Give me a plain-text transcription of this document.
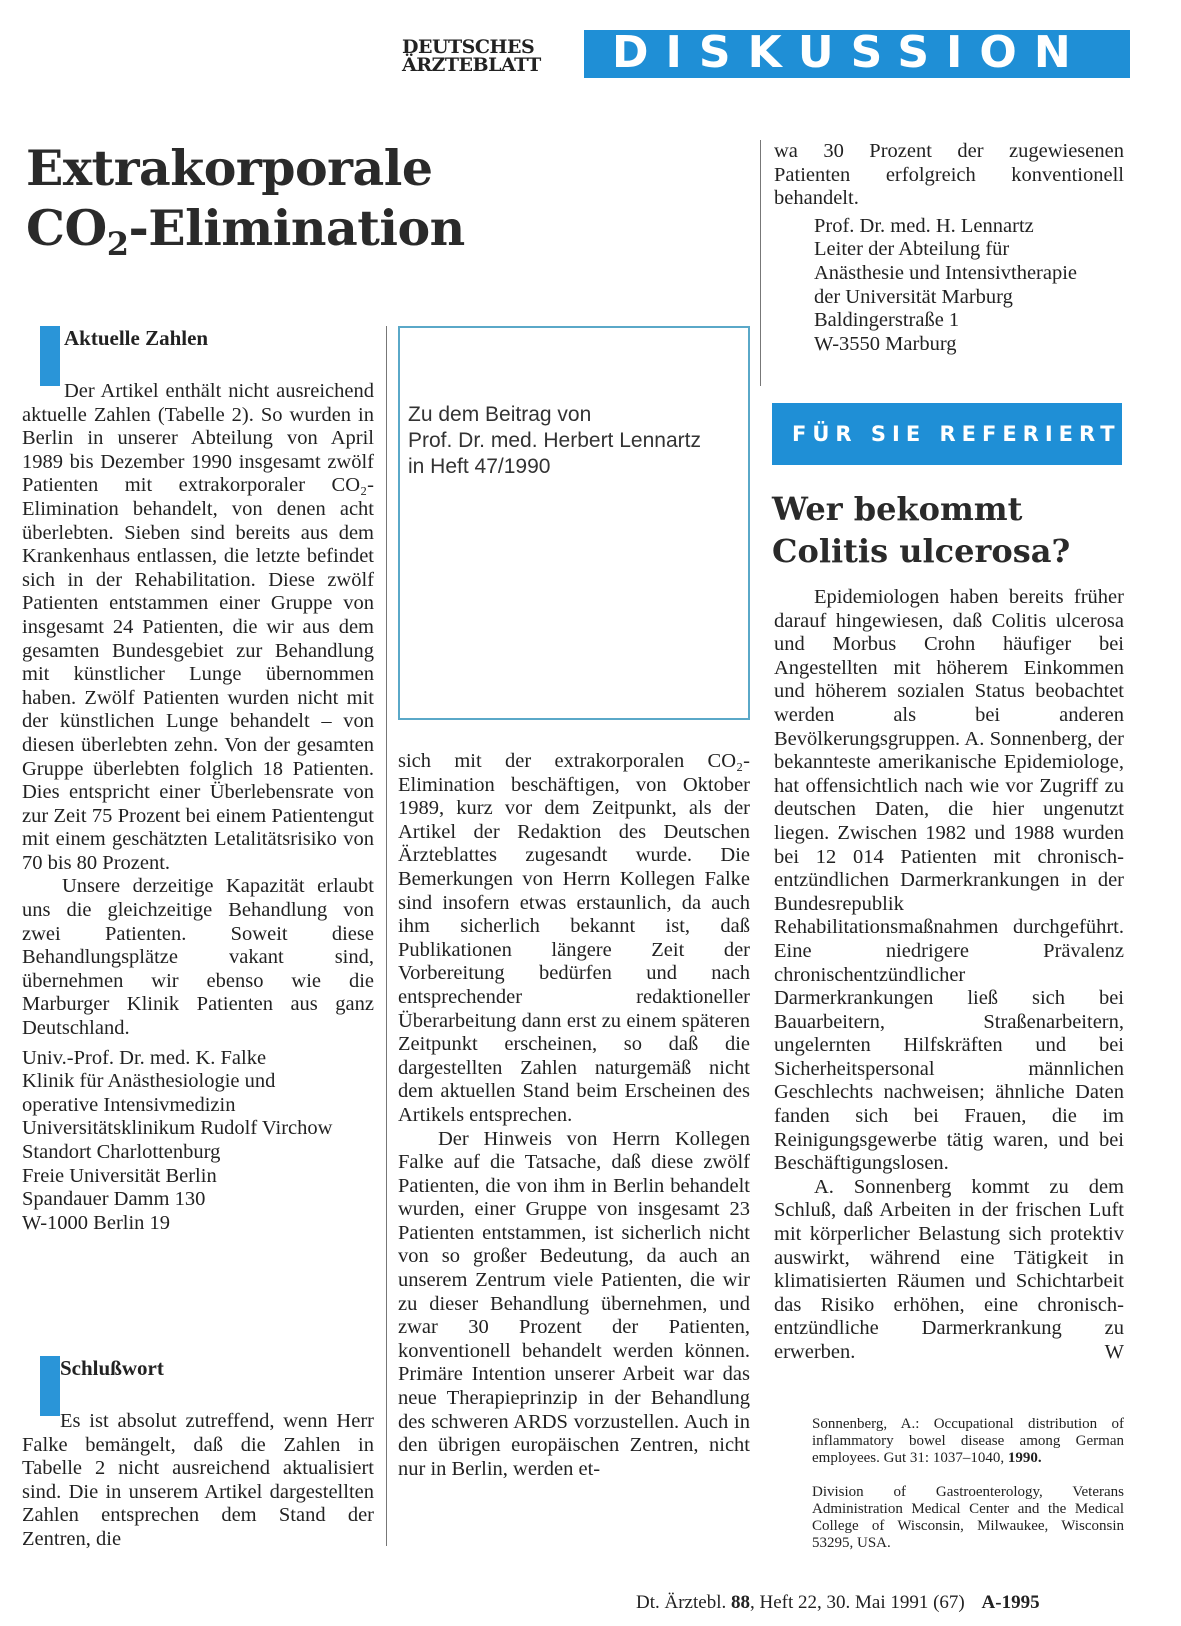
DEUTSCHES
ÄRZTEBLATT DISKUSSION
Extrakorporale
$CO_2$-Elimination
Aktuelle Zahlen

Der Artikel enthält nicht ausreichend aktuelle Zahlen (Tabelle 2). So wurden in Berlin in unserer Abteilung von April 1989 bis Dezember 1990 insgesamt zwölf Patienten mit extrakorporaler CO₂-Elimination behandelt, von denen acht überlebten. Sieben sind bereits aus dem Krankenhaus entlassen, die letzte befindet sich in der Rehabilitation. Diese zwölf Patienten entstammen einer Gruppe von insgesamt 24 Patienten, die wir aus dem gesamten Bundesgebiet zur Behandlung mit künstlicher Lunge übernommen haben. Zwölf Patienten wurden nicht mit der künstlichen Lunge behandelt – von diesen überlebten zehn. Von der gesamten Gruppe überlebten folglich 18 Patienten. Dies entspricht einer Überlebensrate von zur Zeit 75 Prozent bei einem Patientengut mit einem geschätzten Letalitätsrisiko von 70 bis 80 Prozent.

Unsere derzeitige Kapazität erlaubt uns die gleichzeitige Behandlung von zwei Patienten. Soweit diese Behandlungsplätze vakant sind, übernehmen wir ebenso wie die Marburger Klinik Patienten aus ganz Deutschland.

Univ.-Prof. Dr. med. K. Falke
Klinik für Anästhesiologie und
operative Intensivmedizin
Universitätsklinikum Rudolf Virchow
Standort Charlottenburg
Freie Universität Berlin
Spandauer Damm 130
W-1000 Berlin 19
Schlußwort

Es ist absolut zutreffend, wenn Herr Falke bemängelt, daß die Zahlen in Tabelle 2 nicht ausreichend aktualisiert sind. Die in unserem Artikel dargestellten Zahlen entsprechen dem Stand der Zentren, die

Zu dem Beitrag von
Prof. Dr. med. Herbert Lennartz
in Heft 47/1990

sich mit der extrakorporalen CO₂-Elimination beschäftigen, von Oktober 1989, kurz vor dem Zeitpunkt, als der Artikel der Redaktion des Deutschen Ärzteblattes zugesandt wurde. Die Bemerkungen von Herrn Kollegen Falke sind insofern etwas erstaunlich, da auch ihm sicherlich bekannt ist, daß Publikationen längere Zeit der Vorbereitung bedürfen und nach entsprechender redaktioneller Überarbeitung dann erst zu einem späteren Zeitpunkt erscheinen, so daß die dargestellten Zahlen naturgemäß nicht dem aktuellen Stand beim Erscheinen des Artikels entsprechen.

Der Hinweis von Herrn Kollegen Falke auf die Tatsache, daß diese zwölf Patienten, die von ihm in Berlin behandelt wurden, einer Gruppe von insgesamt 23 Patienten entstammen, ist sicherlich nicht von so großer Bedeutung, da auch an unserem Zentrum viele Patienten, die wir zu dieser Behandlung übernehmen, und zwar 30 Prozent der Patienten, konventionell behandelt werden können. Primäre Intention unserer Arbeit war das neue Therapieprinzip in der Behandlung des schweren ARDS vorzustellen. Auch in den übrigen europäischen Zentren, nicht nur in Berlin, werden et-

wa 30 Prozent der zugewiesenen Patienten erfolgreich konventionell behandelt.

Prof. Dr. med. H. Lennartz
Leiter der Abteilung für
Anästhesie und Intensivtherapie
der Universität Marburg
Baldingerstraße 1
W-3550 Marburg
FÜR SIE REFERIERT
Wer bekommt
Colitis ulcerosa?

Epidemiologen haben bereits früher darauf hingewiesen, daß Colitis ulcerosa und Morbus Crohn häufiger bei Angestellten mit höherem Einkommen und höherem sozialen Status beobachtet werden als bei anderen Bevölkerungsgruppen. A. Sonnenberg, der bekannteste amerikanische Epidemiologe, hat offensichtlich nach wie vor Zugriff zu deutschen Daten, die hier ungenutzt liegen. Zwischen 1982 und 1988 wurden bei 12 014 Patienten mit chronisch-entzündlichen Darmerkrankungen in der Bundesrepublik Rehabilitationsmaßnahmen durchgeführt. Eine niedrigere Prävalenz chronischentzündlicher Darmerkrankungen ließ sich bei Bauarbeitern, Straßenarbeitern, ungelernten Hilfskräften und bei Sicherheitspersonal männlichen Geschlechts nachweisen; ähnliche Daten fanden sich bei Frauen, die im Reinigungsgewerbe tätig waren, und bei Beschäftigungslosen.

A. Sonnenberg kommt zu dem Schluß, daß Arbeiten in der frischen Luft mit körperlicher Belastung sich protektiv auswirkt, während eine Tätigkeit in klimatisierten Räumen und Schichtarbeit das Risiko erhöhen, eine chronisch-entzündliche Darmerkrankung zu erwerben.	W

Sonnenberg, A.: Occupational distribution of inflammatory bowel disease among German employees. Gut 31: 1037–1040, 1990.
Division of Gastroenterology, Veterans Administration Medical Center and the Medical College of Wisconsin, Milwaukee, Wisconsin 53295, USA.
Dt. Ärztebl. 88, Heft 22, 30. Mai 1991 (67) A-1995
